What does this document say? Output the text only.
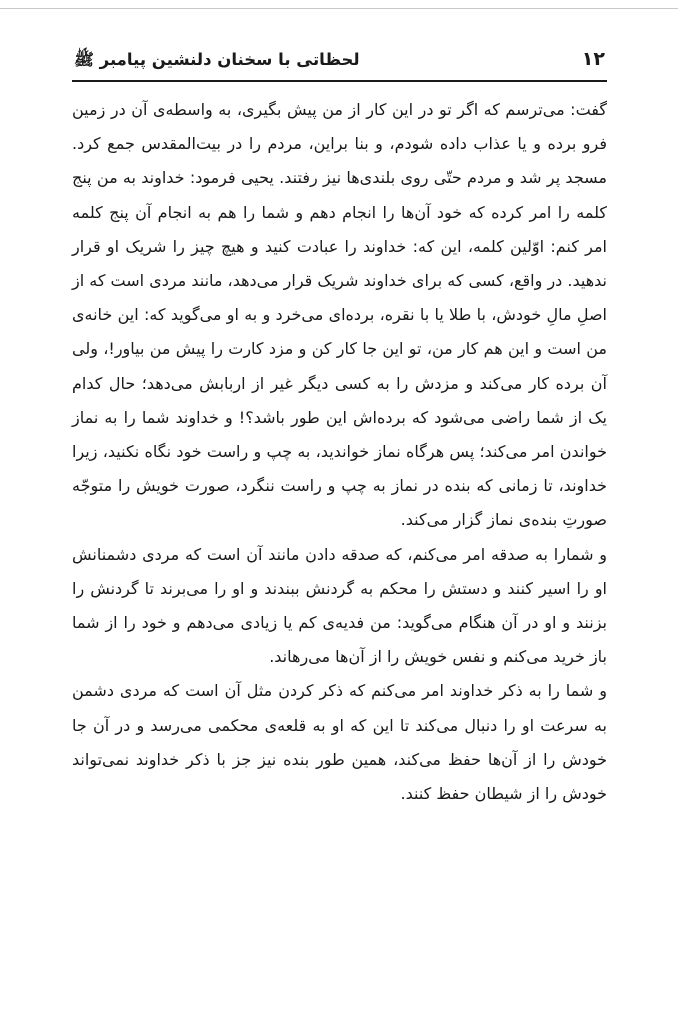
۱۲
لحظاتی با سخنان دلنشین پیامبر ﷺ

گفت: می‌ترسم که اگر تو در این کار از من پیش بگیری، به واسطه‌ی آن در زمین فرو برده و یا عذاب داده شودم، و بنا براین، مردم را در بیت‌المقدس جمع کرد. مسجد پر شد و مردم حتّی روی بلندی‌ها نیز رفتند. یحیی فرمود: خداوند به من پنج کلمه را امر کرده که خود آن‌ها را انجام دهم و شما را هم به انجام آن پنج کلمه امر کنم: اوّلین کلمه، این که: خداوند را عبادت کنید و هیچ چیز را شریک او قرار ندهید. در واقع، کسی که برای خداوند شریک قرار می‌دهد، مانند مردی است که از اصلِ مالِ خودش، با طلا یا با نقره، برده‌ای می‌خرد و به او می‌گوید که: این خانه‌ی من است و این هم کار من، تو این جا کار کن و مزد کارت را پیش من بیاور!، ولی آن برده کار می‌کند و مزدش را به کسی دیگر غیر از اربابش می‌دهد؛ حال کدام یک از شما راضی می‌شود که برده‌اش این طور باشد؟! و خداوند شما را به نماز خواندن امر می‌کند؛ پس هرگاه نماز خواندید، به چپ و راست خود نگاه نکنید، زیرا خداوند، تا زمانی که بنده در نماز به چپ و راست ننگرد، صورت خویش را متوجّه صورتِ بنده‌ی نماز گزار می‌کند.

و شمارا به صدقه امر می‌کنم، که صدقه دادن مانند آن است که مردی دشمنانش او را اسیر کنند و دستش را محکم به گردنش ببندند و او را می‌برند تا گردنش را بزنند و او در آن هنگام می‌گوید: من فدیه‌ی کم یا زیادی می‌دهم و خود را از شما باز خرید می‌کنم و نفس خویش را از آن‌ها می‌رهاند.

و شما را به ذکر خداوند امر می‌کنم که ذکر کردن مثل آن است که مردی دشمن به سرعت او را دنبال می‌کند تا این که او به قلعه‌ی محکمی می‌رسد و در آن جا خودش را از آن‌ها حفظ می‌کند، همین طور بنده نیز جز با ذکر خداوند نمی‌تواند خودش را از شیطان حفظ کنند.
